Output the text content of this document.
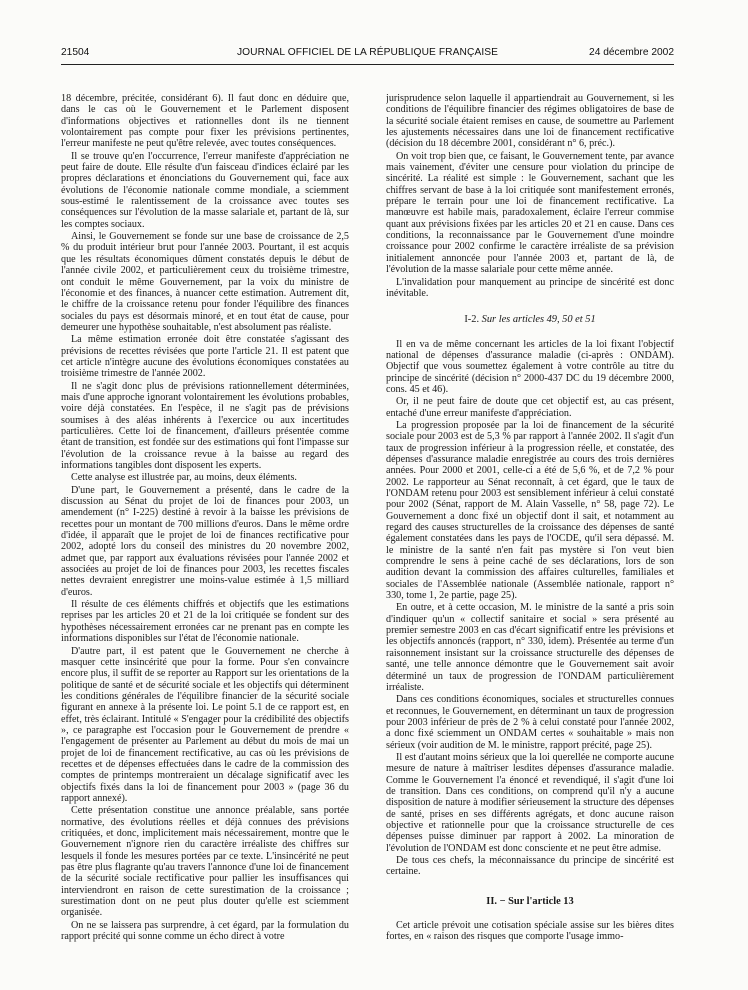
21504	JOURNAL OFFICIEL DE LA RÉPUBLIQUE FRANÇAISE	24 décembre 2002

18 décembre, précitée, considérant 6). Il faut donc en déduire que, dans le cas où le Gouvernement et le Parlement disposent d'informations objectives et rationnelles dont ils ne tiennent volontairement pas compte pour fixer les prévisions pertinentes, l'erreur manifeste ne peut qu'être relevée, avec toutes conséquences.

Il se trouve qu'en l'occurrence, l'erreur manifeste d'appréciation ne peut faire de doute. Elle résulte d'un faisceau d'indices éclairé par les propres déclarations et énonciations du Gouvernement qui, face aux évolutions de l'économie nationale comme mondiale, a sciemment sous-estimé le ralentissement de la croissance avec toutes ses conséquences sur l'évolution de la masse salariale et, partant de là, sur les comptes sociaux.

Ainsi, le Gouvernement se fonde sur une base de croissance de 2,5 % du produit intérieur brut pour l'année 2003. Pourtant, il est acquis que les résultats économiques dûment constatés depuis le début de l'année civile 2002, et particulièrement ceux du troisième trimestre, ont conduit le même Gouvernement, par la voix du ministre de l'économie et des finances, à nuancer cette estimation. Autrement dit, le chiffre de la croissance retenu pour fonder l'équilibre des finances sociales du pays est désormais minoré, et en tout état de cause, pour demeurer une hypothèse souhaitable, n'est absolument pas réaliste.

La même estimation erronée doit être constatée s'agissant des prévisions de recettes révisées que porte l'article 21. Il est patent que cet article n'intègre aucune des évolutions économiques constatées au troisième trimestre de l'année 2002.

Il ne s'agit donc plus de prévisions rationnellement déterminées, mais d'une approche ignorant volontairement les évolutions probables, voire déjà constatées. En l'espèce, il ne s'agit pas de prévisions soumises à des aléas inhérents à l'exercice ou aux incertitudes particulières. Cette loi de financement, d'ailleurs présentée comme étant de transition, est fondée sur des estimations qui font l'impasse sur l'évolution de la croissance revue à la baisse au regard des informations tangibles dont disposent les experts.

Cette analyse est illustrée par, au moins, deux éléments.

D'une part, le Gouvernement a présenté, dans le cadre de la discussion au Sénat du projet de loi de finances pour 2003, un amendement (n° I-225) destiné à revoir à la baisse les prévisions de recettes pour un montant de 700 millions d'euros. Dans le même ordre d'idée, il apparaît que le projet de loi de finances rectificative pour 2002, adopté lors du conseil des ministres du 20 novembre 2002, admet que, par rapport aux évaluations révisées pour l'année 2002 et associées au projet de loi de finances pour 2003, les recettes fiscales nettes devraient enregistrer une moins-value estimée à 1,5 milliard d'euros.

Il résulte de ces éléments chiffrés et objectifs que les estimations reprises par les articles 20 et 21 de la loi critiquée se fondent sur des hypothèses nécessairement erronées car ne prenant pas en compte les informations disponibles sur l'état de l'économie nationale.

D'autre part, il est patent que le Gouvernement ne cherche à masquer cette insincérité que pour la forme. Pour s'en convaincre encore plus, il suffit de se reporter au Rapport sur les orientations de la politique de santé et de sécurité sociale et les objectifs qui déterminent les conditions générales de l'équilibre financier de la sécurité sociale figurant en annexe à la présente loi. Le point 5.1 de ce rapport est, en effet, très éclairant. Intitulé « S'engager pour la crédibilité des objectifs », ce paragraphe est l'occasion pour le Gouvernement de prendre « l'engagement de présenter au Parlement au début du mois de mai un projet de loi de financement rectificative, au cas où les prévisions de recettes et de dépenses effectuées dans le cadre de la commission des comptes de printemps montreraient un décalage significatif avec les objectifs fixés dans la loi de financement pour 2003 » (page 36 du rapport annexé).

Cette présentation constitue une annonce préalable, sans portée normative, des évolutions réelles et déjà connues des prévisions critiquées, et donc, implicitement mais nécessairement, montre que le Gouvernement n'ignore rien du caractère irréaliste des chiffres sur lesquels il fonde les mesures portées par ce texte. L'insincérité ne peut pas être plus flagrante qu'au travers l'annonce d'une loi de financement de la sécurité sociale rectificative pour pallier les insuffisances qui interviendront en raison de cette surestimation de la croissance ; surestimation dont on ne peut plus douter qu'elle est sciemment organisée.

On ne se laissera pas surprendre, à cet égard, par la formulation du rapport précité qui sonne comme un écho direct à votre

jurisprudence selon laquelle il appartiendrait au Gouvernement, si les conditions de l'équilibre financier des régimes obligatoires de base de la sécurité sociale étaient remises en cause, de soumettre au Parlement les ajustements nécessaires dans une loi de financement rectificative (décision du 18 décembre 2001, considérant n° 6, préc.).

On voit trop bien que, ce faisant, le Gouvernement tente, par avance mais vainement, d'éviter une censure pour violation du principe de sincérité. La réalité est simple : le Gouvernement, sachant que les chiffres servant de base à la loi critiquée sont manifestement erronés, prépare le terrain pour une loi de financement rectificative. La manœuvre est habile mais, paradoxalement, éclaire l'erreur commise quant aux prévisions fixées par les articles 20 et 21 en cause. Dans ces conditions, la reconnaissance par le Gouvernement d'une moindre croissance pour 2002 confirme le caractère irréaliste de sa prévision initialement annoncée pour l'année 2003 et, partant de là, de l'évolution de la masse salariale pour cette même année.

L'invalidation pour manquement au principe de sincérité est donc inévitable.

I-2. Sur les articles 49, 50 et 51

Il en va de même concernant les articles de la loi fixant l'objectif national de dépenses d'assurance maladie (ci-après : ONDAM). Objectif que vous soumettez également à votre contrôle au titre du principe de sincérité (décision n° 2000-437 DC du 19 décembre 2000, cons. 45 et 46).

Or, il ne peut faire de doute que cet objectif est, au cas présent, entaché d'une erreur manifeste d'appréciation.

La progression proposée par la loi de financement de la sécurité sociale pour 2003 est de 5,3 % par rapport à l'année 2002. Il s'agit d'un taux de progression inférieur à la progression réelle, et constatée, des dépenses d'assurance maladie enregistrée au cours des trois dernières années. Pour 2000 et 2001, celle-ci a été de 5,6 %, et de 7,2 % pour 2002. Le rapporteur au Sénat reconnaît, à cet égard, que le taux de l'ONDAM retenu pour 2003 est sensiblement inférieur à celui constaté pour 2002 (Sénat, rapport de M. Alain Vasselle, n° 58, page 72). Le Gouvernement a donc fixé un objectif dont il sait, et notamment au regard des causes structurelles de la croissance des dépenses de santé également constatées dans les pays de l'OCDE, qu'il sera dépassé. M. le ministre de la santé n'en fait pas mystère si l'on veut bien comprendre le sens à peine caché de ses déclarations, lors de son audition devant la commission des affaires culturelles, familiales et sociales de l'Assemblée nationale (Assemblée nationale, rapport n° 330, tome 1, 2e partie, page 25).

En outre, et à cette occasion, M. le ministre de la santé a pris soin d'indiquer qu'un « collectif sanitaire et social » sera présenté au premier semestre 2003 en cas d'écart significatif entre les prévisions et les objectifs annoncés (rapport, n° 330, idem). Présentée au terme d'un raisonnement insistant sur la croissance structurelle des dépenses de santé, une telle annonce démontre que le Gouvernement sait avoir déterminé un taux de progression de l'ONDAM particulièrement irréaliste.

Dans ces conditions économiques, sociales et structurelles connues et reconnues, le Gouvernement, en déterminant un taux de progression pour 2003 inférieur de près de 2 % à celui constaté pour l'année 2002, a donc fixé sciemment un ONDAM certes « souhaitable » mais non sérieux (voir audition de M. le ministre, rapport précité, page 25).

Il est d'autant moins sérieux que la loi querellée ne comporte aucune mesure de nature à maîtriser lesdites dépenses d'assurance maladie. Comme le Gouvernement l'a énoncé et revendiqué, il s'agit d'une loi de transition. Dans ces conditions, on comprend qu'il n'y a aucune disposition de nature à modifier sérieusement la structure des dépenses de santé, prises en ses différents agrégats, et donc aucune raison objective et rationnelle pour que la croissance structurelle de ces dépenses puisse diminuer par rapport à 2002. La minoration de l'évolution de l'ONDAM est donc consciente et ne peut être admise.

De tous ces chefs, la méconnaissance du principe de sincérité est certaine.

II. − Sur l'article 13

Cet article prévoit une cotisation spéciale assise sur les bières dites fortes, en « raison des risques que comporte l'usage immo-
